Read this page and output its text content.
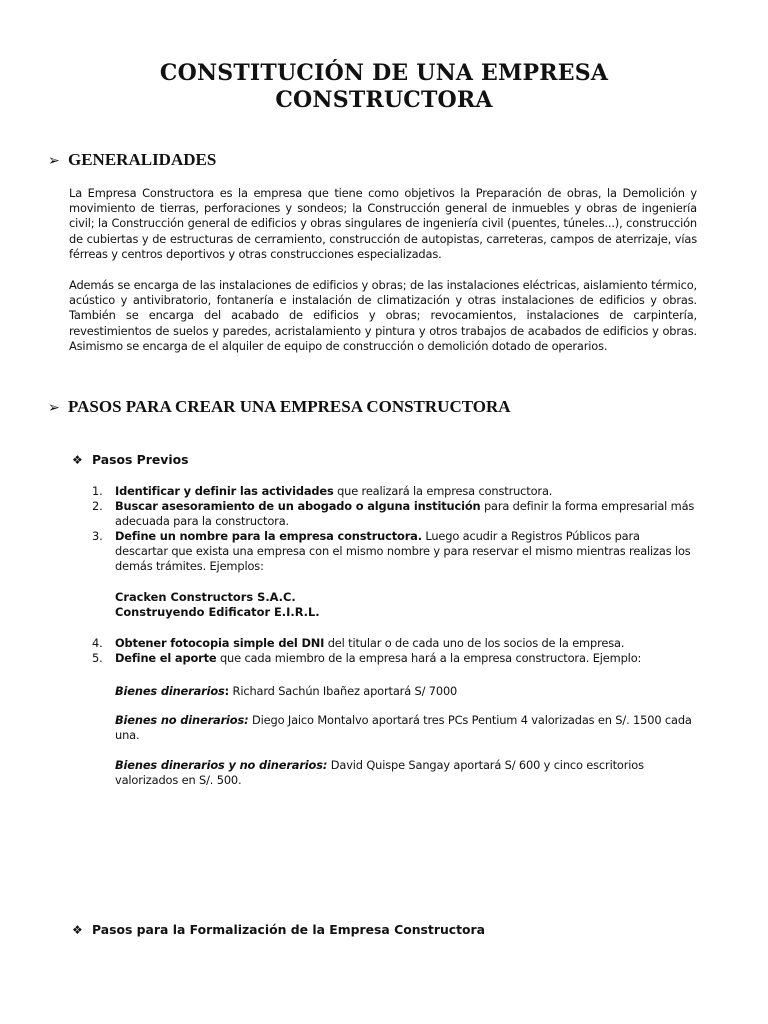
CONSTITUCIÓN DE UNA EMPRESA
CONSTRUCTORA
➢ GENERALIDADES

La Empresa Constructora es la empresa que tiene como objetivos la Preparación de obras, la Demolición y movimiento de tierras, perforaciones y sondeos; la Construcción general de inmuebles y obras de ingeniería civil; la Construcción general de edificios y obras singulares de ingeniería civil (puentes, túneles...), construcción de cubiertas y de estructuras de cerramiento, construcción de autopistas, carreteras, campos de aterrizaje, vías férreas y centros deportivos y otras construcciones especializadas.

Además se encarga de las instalaciones de edificios y obras; de las instalaciones eléctricas, aislamiento térmico, acústico y antivibratorio, fontanería e instalación de climatización y otras instalaciones de edificios y obras. También se encarga del acabado de edificios y obras; revocamientos, instalaciones de carpintería, revestimientos de suelos y paredes, acristalamiento y pintura y otros trabajos de acabados de edificios y obras. Asimismo se encarga de el alquiler de equipo de construcción o demolición dotado de operarios.

➢ PASOS PARA CREAR UNA EMPRESA CONSTRUCTORA
❖ Pasos Previos
1. Identificar y definir las actividades que realizará la empresa constructora.
2. Buscar asesoramiento de un abogado o alguna institución para definir la forma empresarial más adecuada para la constructora.
3. Define un nombre para la empresa constructora. Luego acudir a Registros Públicos para descartar que exista una empresa con el mismo nombre y para reservar el mismo mientras realizas los demás trámites. Ejemplos:
Cracken Constructors S.A.C.
Construyendo Edificator E.I.R.L.
4. Obtener fotocopia simple del DNI del titular o de cada uno de los socios de la empresa.
5. Define el aporte que cada miembro de la empresa hará a la empresa constructora. Ejemplo:
Bienes dinerarios: Richard Sachún Ibañez aportará S/ 7000
Bienes no dinerarios: Diego Jaico Montalvo aportará tres PCs Pentium 4 valorizadas en S/. 1500 cada una.
Bienes dinerarios y no dinerarios: David Quispe Sangay aportará S/ 600 y cinco escritorios valorizados en S/. 500.
❖ Pasos para la Formalización de la Empresa Constructora
